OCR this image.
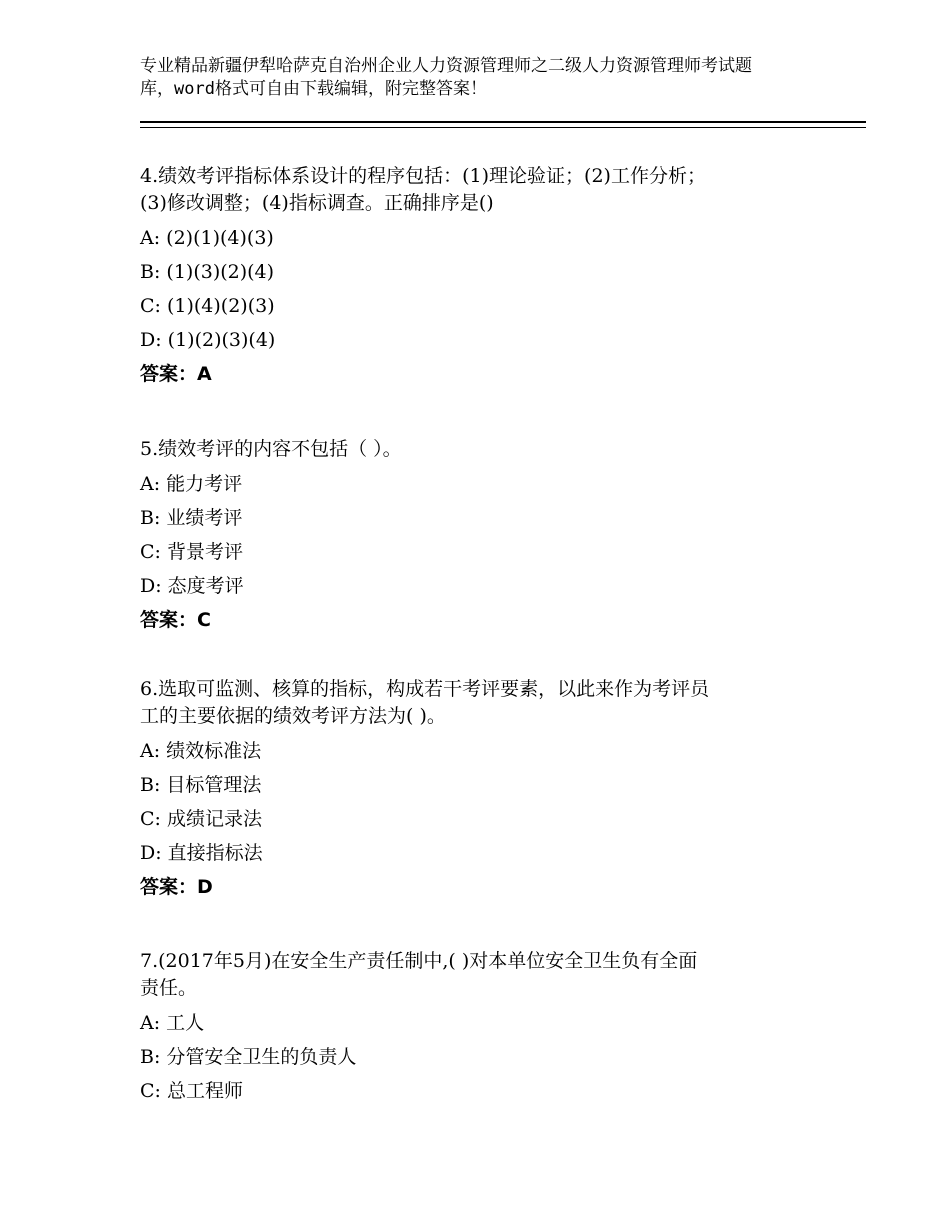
专业精品新疆伊犁哈萨克自治州企业人力资源管理师之二级人力资源管理师考试题
库，word格式可自由下载编辑，附完整答案！

4.绩效考评指标体系设计的程序包括：(1)理论验证；(2)工作分析；

(3)修改调整；(4)指标调查。正确排序是()

A: (2)(1)(4)(3)

B: (1)(3)(2)(4)

C: (1)(4)(2)(3)

D: (1)(2)(3)(4)

答案：A

5.绩效考评的内容不包括（ ）。

A: 能力考评

B: 业绩考评

C: 背景考评

D: 态度考评

答案：C

6.选取可监测、核算的指标，构成若干考评要素，以此来作为考评员

工的主要依据的绩效考评方法为( )。

A: 绩效标准法

B: 目标管理法

C: 成绩记录法

D: 直接指标法

答案：D

7.(2017年5月)在安全生产责任制中,( )对本单位安全卫生负有全面

责任。

A: 工人

B: 分管安全卫生的负责人

C: 总工程师
